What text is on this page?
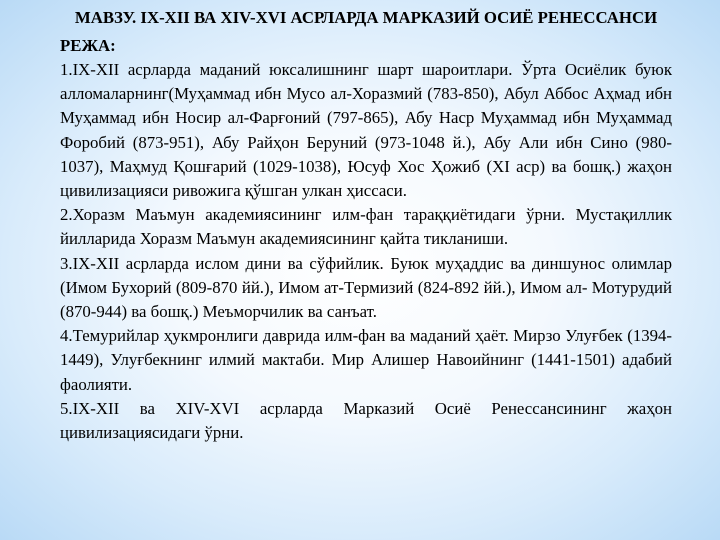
МАВЗУ. IX-XII ВА XIV-XVI АСРЛАРДА МАРКАЗИЙ ОСИЁ РЕНЕССАНСИ
РЕЖА:

1.IX-XII асрларда маданий юксалишнинг шарт шароитлари. Ўрта Осиёлик буюк алломаларнинг(Муҳаммад ибн Мусо ал-Хоразмий (783-850), Абул Аббос Аҳмад ибн Муҳаммад ибн Носир ал-Фарғоний (797-865), Абу Наср Муҳаммад ибн Муҳаммад Форобий (873-951), Абу Райҳон Беруний (973-1048 й.), Абу Али ибн Сино (980-1037), Маҳмуд Қошғарий (1029-1038), Юсуф Хос Ҳожиб (XI аср) ва бошқ.) жаҳон цивилизацияси ривожига қўшган улкан ҳиссаси.

2.Хоразм Маъмун академиясининг илм-фан тараққиётидаги ўрни. Мустақиллик йилларида Хоразм Маъмун академиясининг қайта тикланиши.

3.IX-XII асрларда ислом дини ва сўфийлик. Буюк муҳаддис ва диншунос олимлар (Имом Бухорий (809-870 йй.), Имом ат-Термизий (824-892 йй.), Имом ал- Мотурудий (870-944) ва бошқ.) Меъморчилик ва санъат.

4.Темурийлар ҳукмронлиги даврида илм-фан ва маданий ҳаёт. Мирзо Улуғбек (1394-1449), Улуғбекнинг илмий мактаби. Мир Алишер Навоийнинг (1441-1501) адабий фаолияти.

5.IX-XII ва XIV-XVI асрларда Марказий Осиё Ренессансининг жаҳон цивилизациясидаги ўрни.
